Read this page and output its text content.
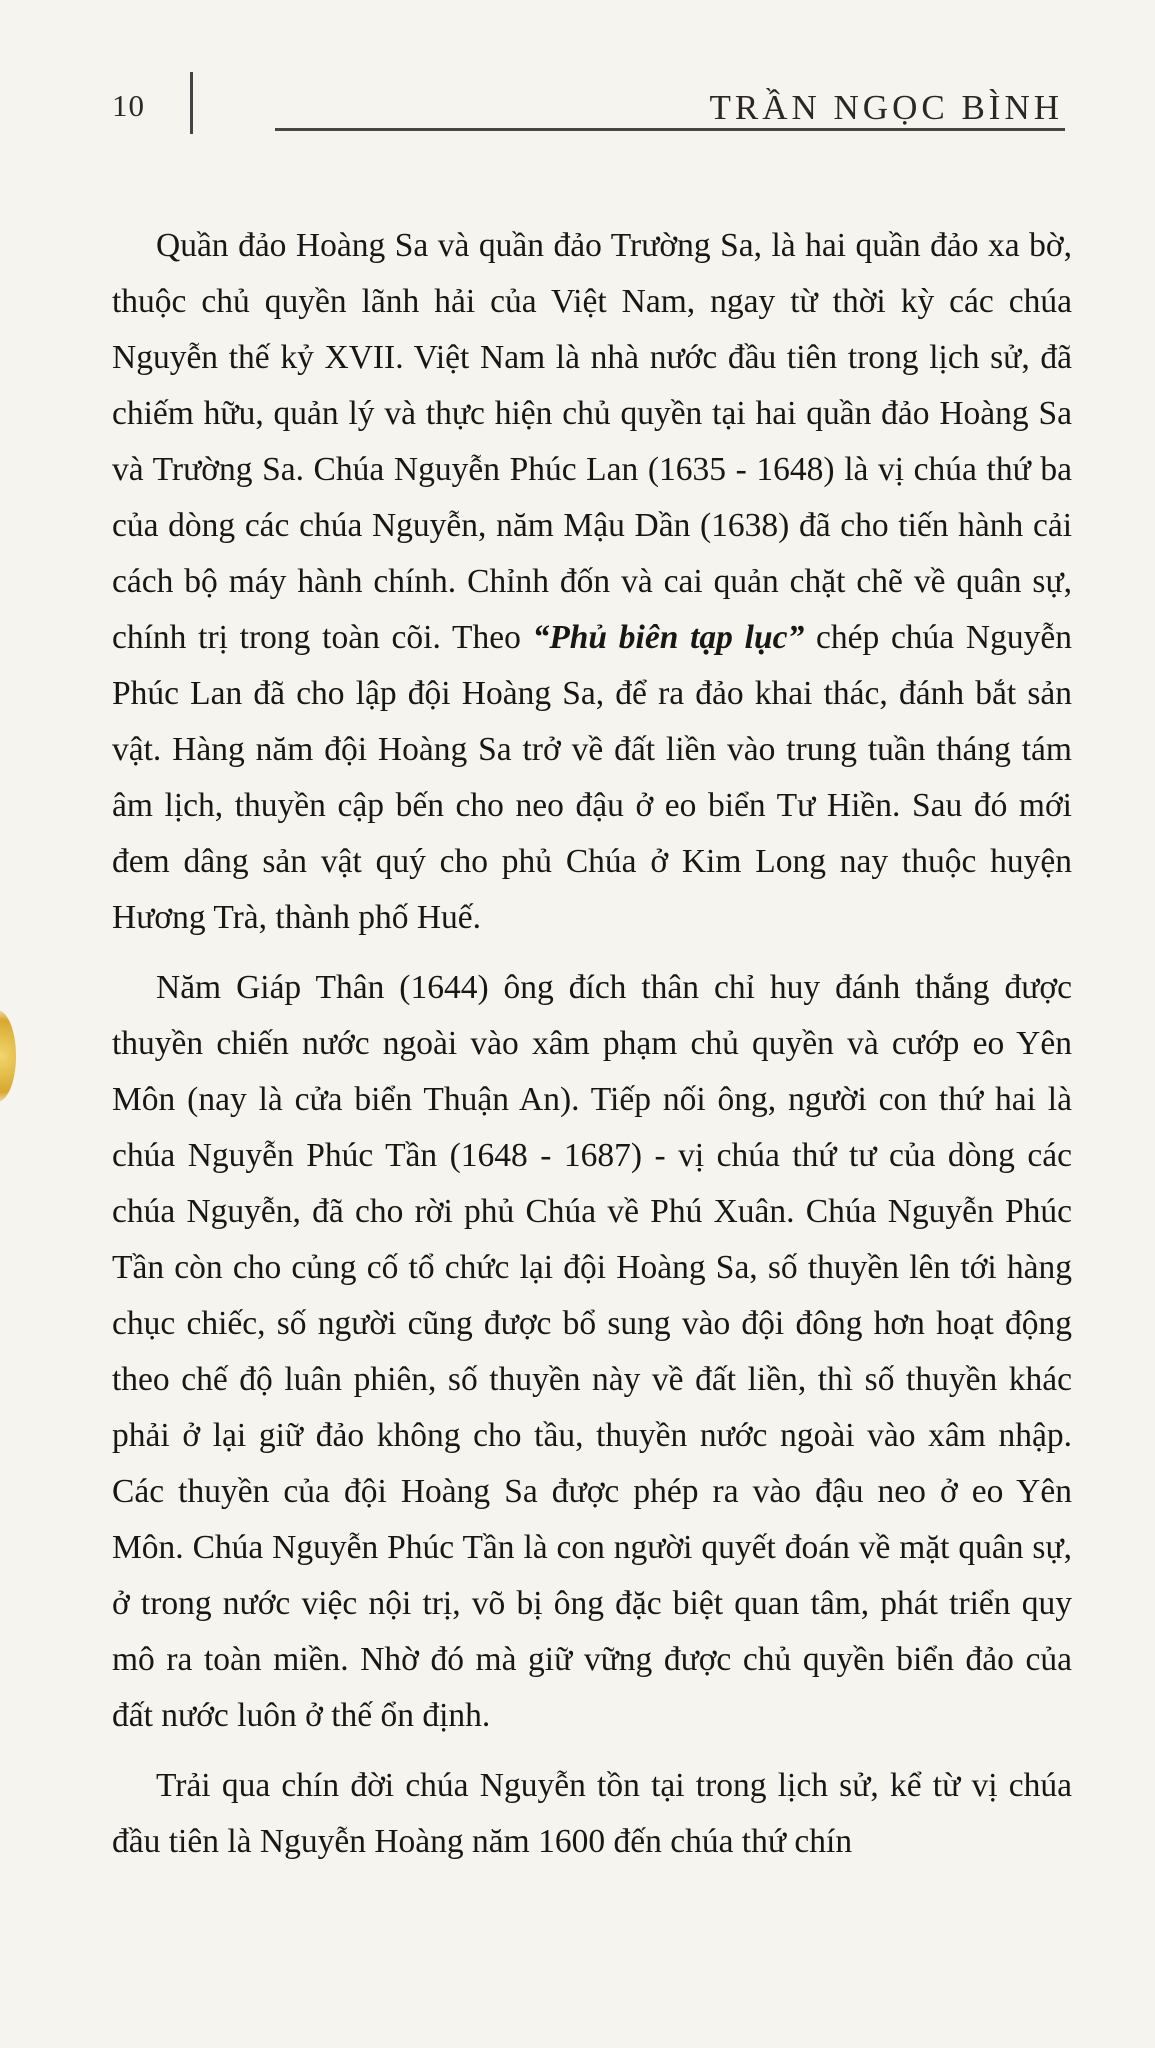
10	TRẦN NGỌC BÌNH

Quần đảo Hoàng Sa và quần đảo Trường Sa, là hai quần đảo xa bờ, thuộc chủ quyền lãnh hải của Việt Nam, ngay từ thời kỳ các chúa Nguyễn thế kỷ XVII. Việt Nam là nhà nước đầu tiên trong lịch sử, đã chiếm hữu, quản lý và thực hiện chủ quyền tại hai quần đảo Hoàng Sa và Trường Sa. Chúa Nguyễn Phúc Lan (1635 - 1648) là vị chúa thứ ba của dòng các chúa Nguyễn, năm Mậu Dần (1638) đã cho tiến hành cải cách bộ máy hành chính. Chỉnh đốn và cai quản chặt chẽ về quân sự, chính trị trong toàn cõi. Theo “Phủ biên tạp lục” chép chúa Nguyễn Phúc Lan đã cho lập đội Hoàng Sa, để ra đảo khai thác, đánh bắt sản vật. Hàng năm đội Hoàng Sa trở về đất liền vào trung tuần tháng tám âm lịch, thuyền cập bến cho neo đậu ở eo biển Tư Hiền. Sau đó mới đem dâng sản vật quý cho phủ Chúa ở Kim Long nay thuộc huyện Hương Trà, thành phố Huế.

Năm Giáp Thân (1644) ông đích thân chỉ huy đánh thắng được thuyền chiến nước ngoài vào xâm phạm chủ quyền và cướp eo Yên Môn (nay là cửa biển Thuận An). Tiếp nối ông, người con thứ hai là chúa Nguyễn Phúc Tần (1648 - 1687) - vị chúa thứ tư của dòng các chúa Nguyễn, đã cho rời phủ Chúa về Phú Xuân. Chúa Nguyễn Phúc Tần còn cho củng cố tổ chức lại đội Hoàng Sa, số thuyền lên tới hàng chục chiếc, số người cũng được bổ sung vào đội đông hơn hoạt động theo chế độ luân phiên, số thuyền này về đất liền, thì số thuyền khác phải ở lại giữ đảo không cho tầu, thuyền nước ngoài vào xâm nhập. Các thuyền của đội Hoàng Sa được phép ra vào đậu neo ở eo Yên Môn. Chúa Nguyễn Phúc Tần là con người quyết đoán về mặt quân sự, ở trong nước việc nội trị, võ bị ông đặc biệt quan tâm, phát triển quy mô ra toàn miền. Nhờ đó mà giữ vững được chủ quyền biển đảo của đất nước luôn ở thế ổn định.

Trải qua chín đời chúa Nguyễn tồn tại trong lịch sử, kể từ vị chúa đầu tiên là Nguyễn Hoàng năm 1600 đến chúa thứ chín
